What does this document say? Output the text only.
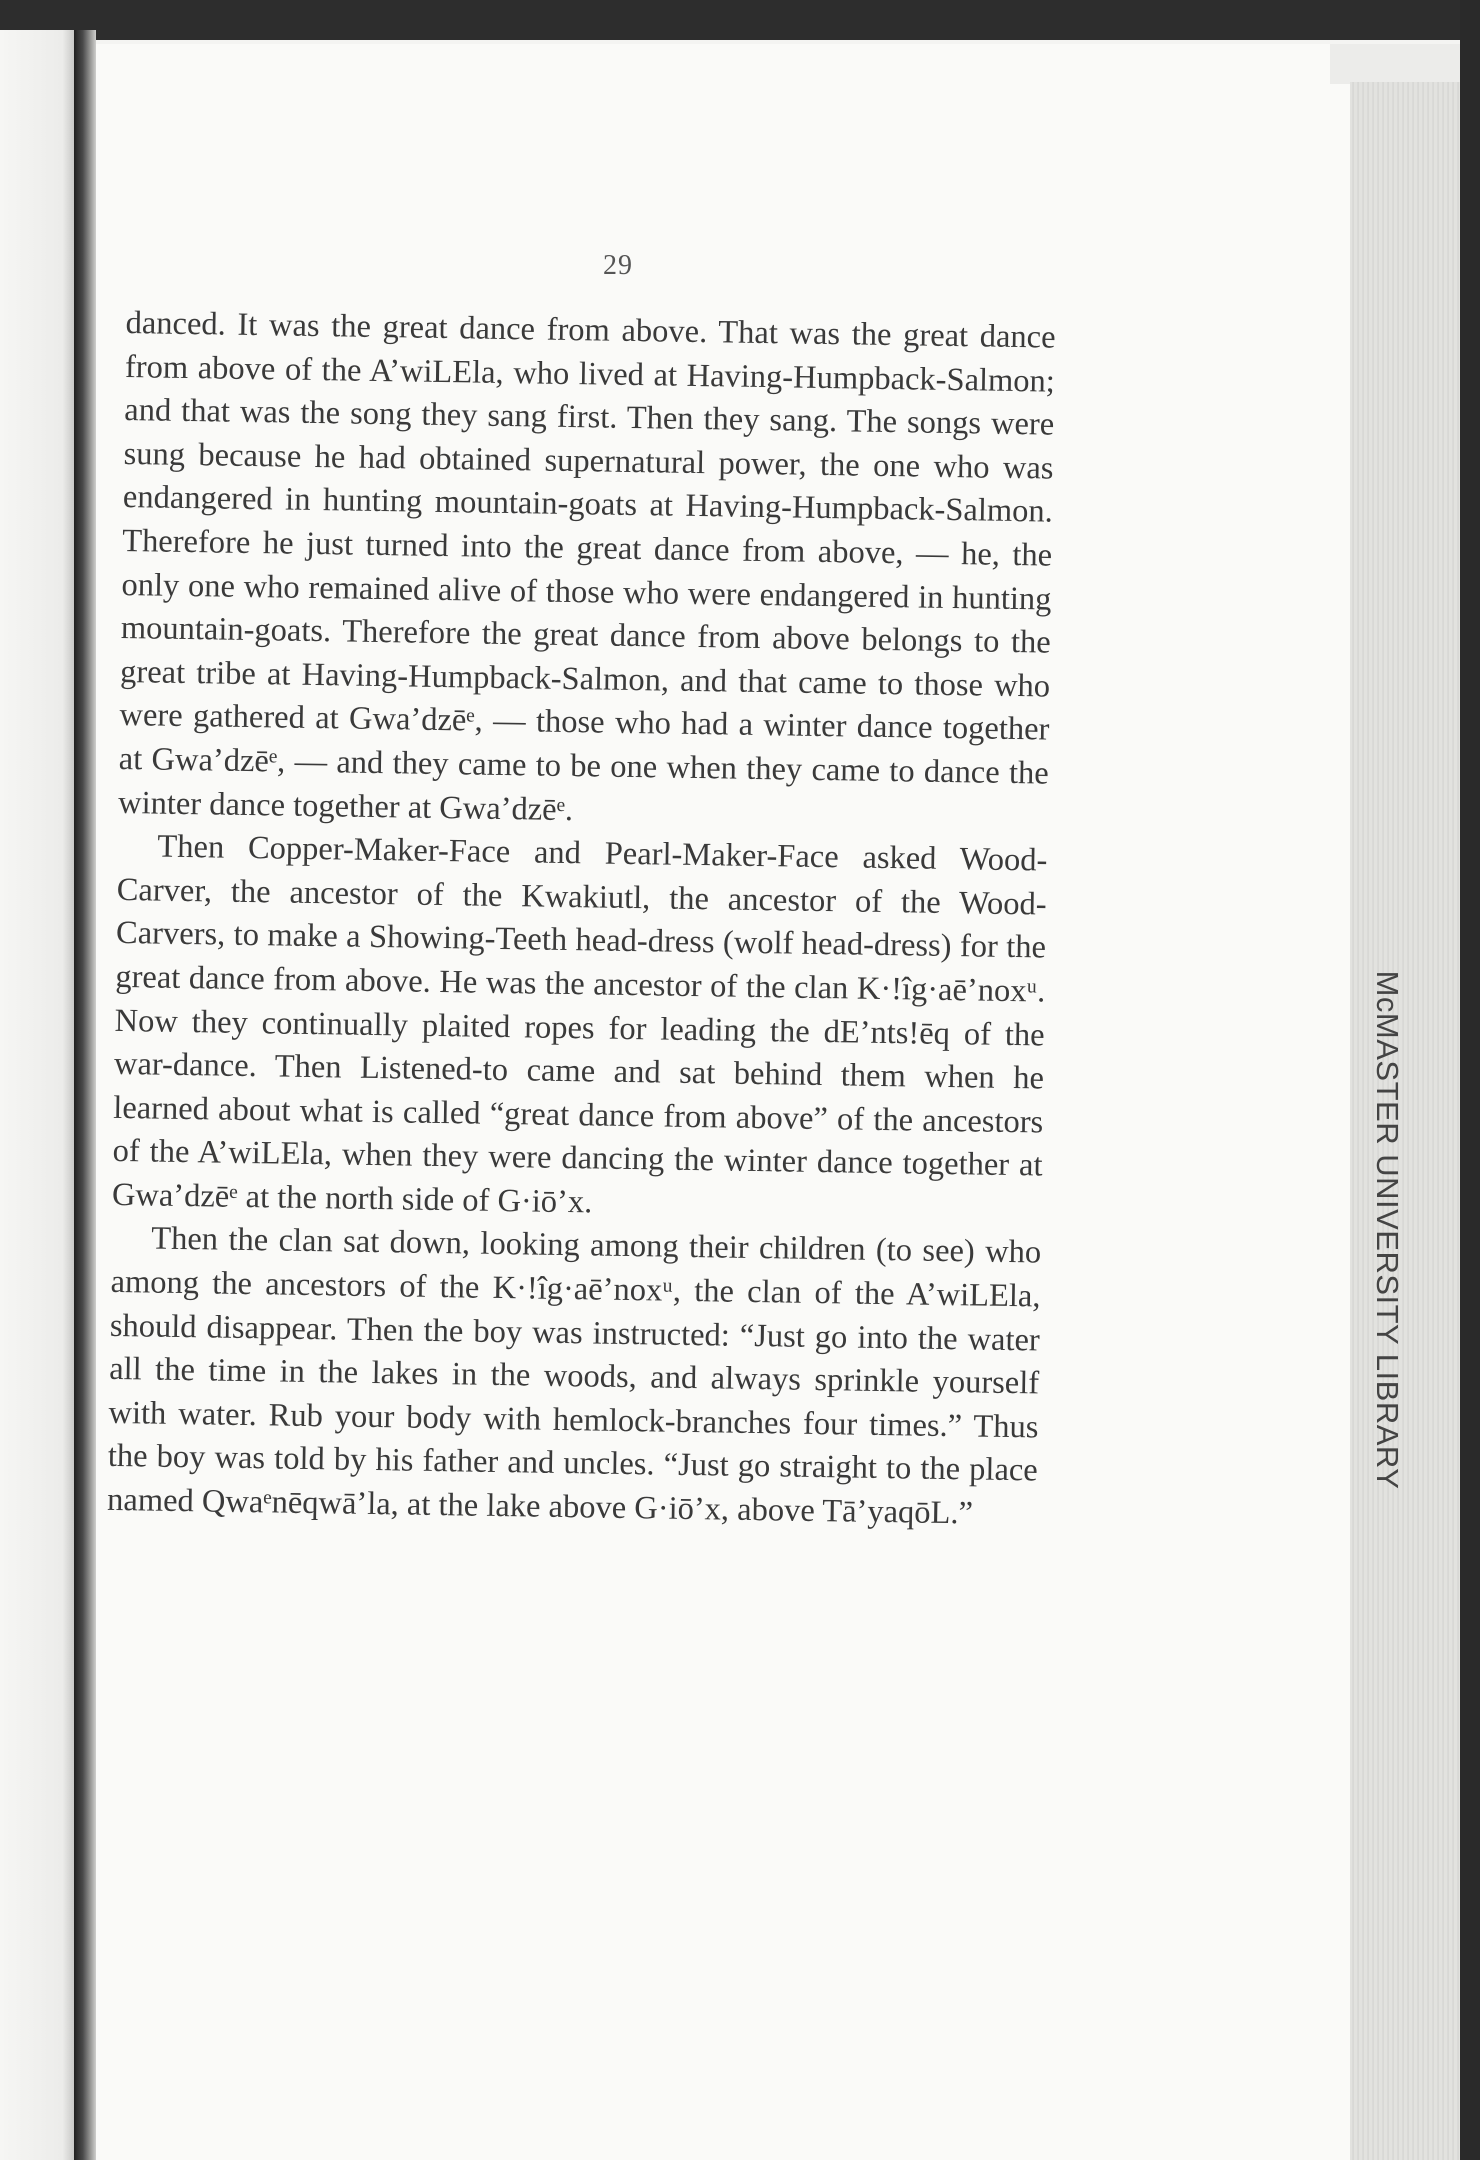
29

danced. It was the great dance from above. That was the great dance from above of the A’wiLEla, who lived at Having-Humpback-Salmon; and that was the song they sang first. Then they sang. The songs were sung because he had obtained supernatural power, the one who was endangered in hunting mountain-goats at Having-Humpback-Salmon. Therefore he just turned into the great dance from above, — he, the only one who remained alive of those who were endangered in hunting mountain-goats. Therefore the great dance from above belongs to the great tribe at Having-Humpback-Salmon, and that came to those who were gathered at Gwa’dzēᵉ, — those who had a winter dance together at Gwa’dzēᵉ, — and they came to be one when they came to dance the winter dance together at Gwa’dzēᵉ.

Then Copper-Maker-Face and Pearl-Maker-Face asked Wood-Carver, the ancestor of the Kwakiutl, the ancestor of the Wood-Carvers, to make a Showing-Teeth head-dress (wolf head-dress) for the great dance from above. He was the ancestor of the clan K·!îg·aē’noxᵘ. Now they continually plaited ropes for leading the dE’nts!ēq of the war-dance. Then Listened-to came and sat behind them when he learned about what is called “great dance from above” of the ancestors of the A’wiLEla, when they were dancing the winter dance together at Gwa’dzēᵉ at the north side of G·iō’x.

Then the clan sat down, looking among their children (to see) who among the ancestors of the K·!îg·aē’noxᵘ, the clan of the A’wiLEla, should disappear. Then the boy was instructed: “Just go into the water all the time in the lakes in the woods, and always sprinkle yourself with water. Rub your body with hemlock-branches four times.” Thus the boy was told by his father and uncles. “Just go straight to the place named Qwaᵉnēqwā’la, at the lake above G·iō’x, above Tā’yaqōL.”

McMASTER UNIVERSITY LIBRARY
